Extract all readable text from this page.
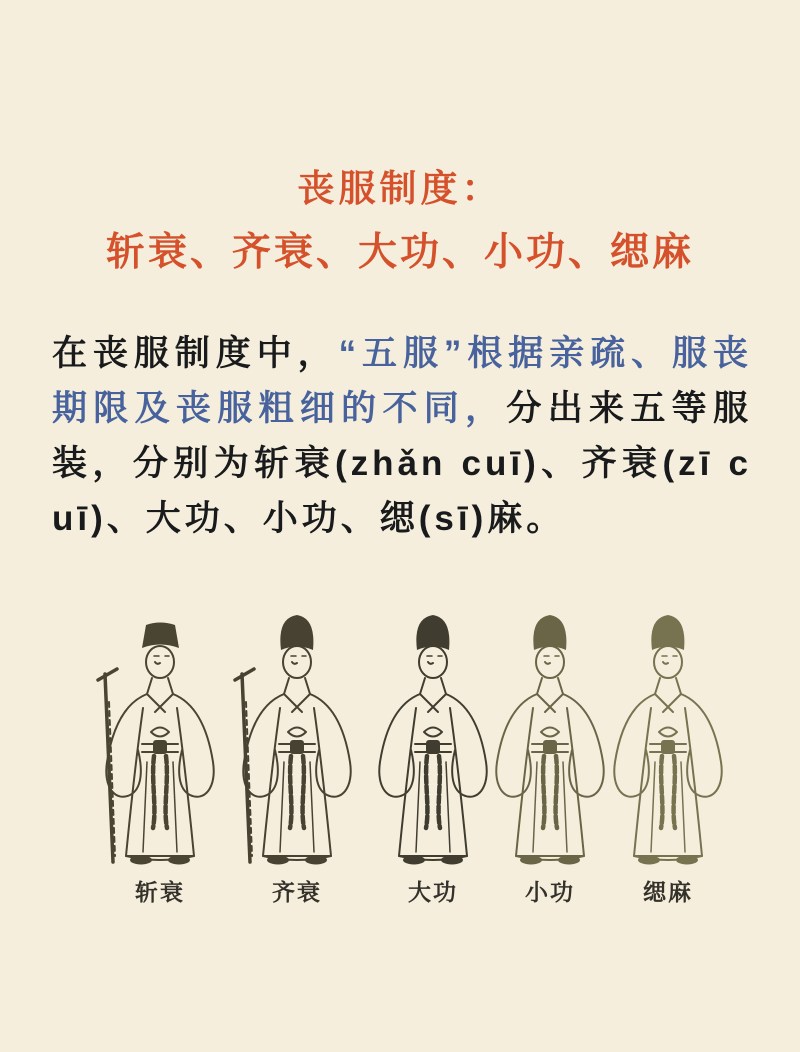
丧服制度：
斩衰、齐衰、大功、小功、缌麻
在丧服制度中，“五服”根据亲疏、服丧期限及丧服粗细的不同，分出来五等服装，分别为斩衰(zhǎn cuī)、齐衰(zī cuī)、大功、小功、缌(sī)麻。
斩衰	齐衰	大功	小功	缌麻
